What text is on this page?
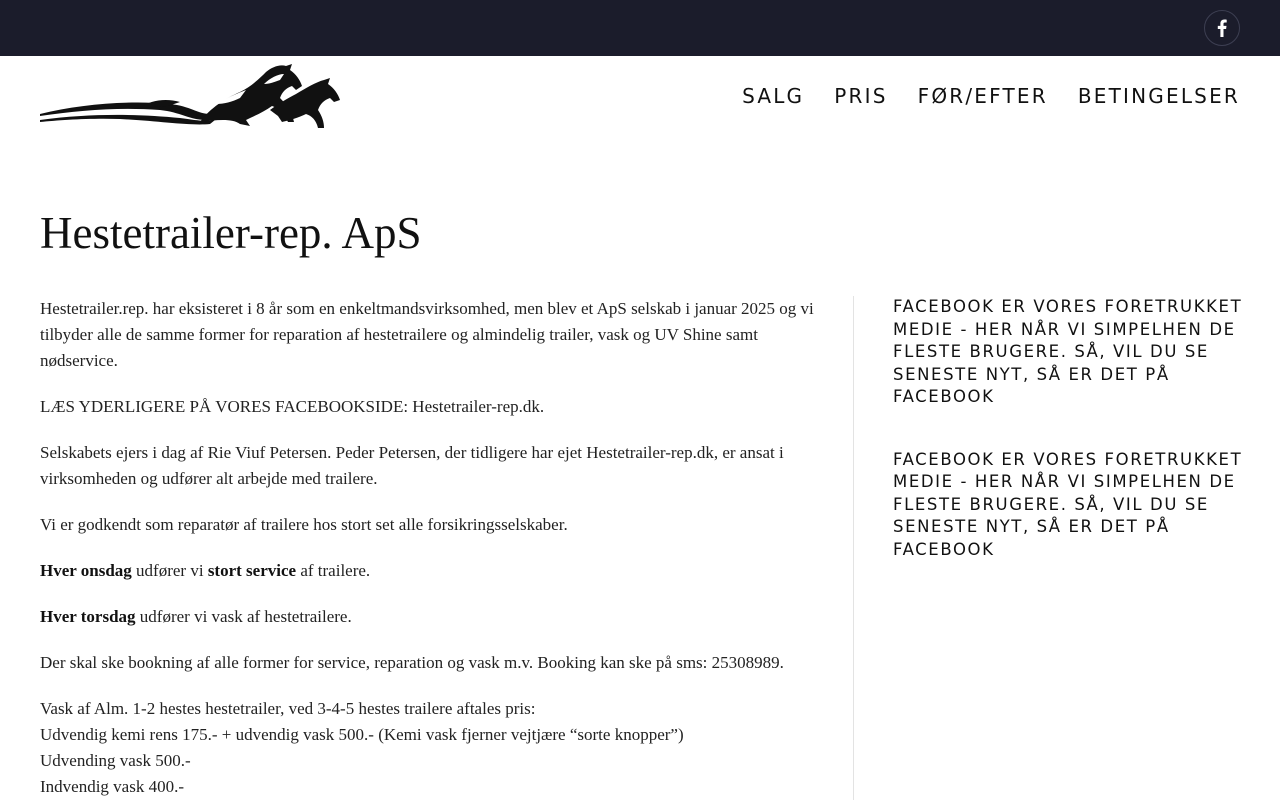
SALG PRIS FØR/EFTER BETINGELSER
Hestetrailer-rep. ApS

Hestetrailer.rep. har eksisteret i 8 år som en enkeltmandsvirksomhed, men blev et ApS selskab i januar 2025 og vi tilbyder alle de samme former for reparation af hestetrailere og almindelig trailer, vask og UV Shine samt nødservice.

LÆS YDERLIGERE PÅ VORES FACEBOOKSIDE: Hestetrailer-rep.dk.

Selskabets ejers i dag af Rie Viuf Petersen. Peder Petersen, der tidligere har ejet Hestetrailer-rep.dk, er ansat i virksomheden og udfører alt arbejde med trailere.

Vi er godkendt som reparatør af trailere hos stort set alle forsikringsselskaber.

Hver onsdag udfører vi stort service af trailere.

Hver torsdag udfører vi vask af hestetrailere.

Der skal ske bookning af alle former for service, reparation og vask m.v. Booking kan ske på sms: 25308989.

Vask af Alm. 1-2 hestes hestetrailer, ved 3-4-5 hestes trailere aftales pris:
Udvendig kemi rens 175.- + udvendig vask 500.- (Kemi vask fjerner vejtjære “sorte knopper”)
Udvending vask 500.-
Indvendig vask 400.-
FACEBOOK ER VORES FORETRUKKET MEDIE - HER NÅR VI SIMPELHEN DE FLESTE BRUGERE. SÅ, VIL DU SE SENESTE NYT, SÅ ER DET PÅ FACEBOOK
FACEBOOK ER VORES FORETRUKKET MEDIE - HER NÅR VI SIMPELHEN DE FLESTE BRUGERE. SÅ, VIL DU SE SENESTE NYT, SÅ ER DET PÅ FACEBOOK
